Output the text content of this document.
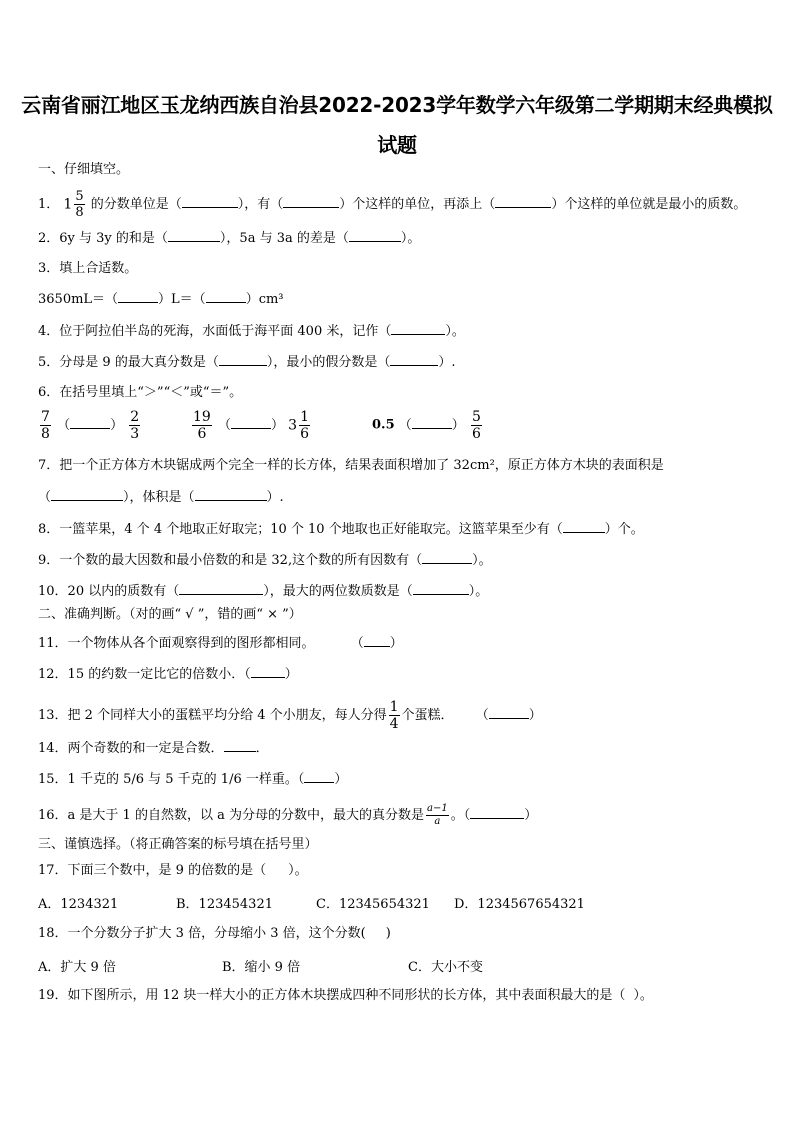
云南省丽江地区玉龙纳西族自治县2022-2023学年数学六年级第二学期期末经典模拟
试题
一、仔细填空。
1． $1 \frac{5}{8}$ 的分数单位是（	），有（	）个这样的单位，再添上（	）个这样的单位就是最小的质数。
2．6y 与 3y 的和是（	），5a 与 3a 的差是（	）。
3．填上合适数。
3650mL＝（	）L＝（	）cm³
4．位于阿拉伯半岛的死海，水面低于海平面 400 米，记作（	）。
5．分母是 9 的最大真分数是（	），最小的假分数是（	）.
6．在括号里填上“＞”“＜”或“＝”。
$\frac{7}{8}$ （	） $\frac{2}{3}$	$\frac{19}{6}$ （	） $3 \frac{1}{6}$	0.5 （	） $\frac{5}{6}$
7．把一个正方体方木块锯成两个完全一样的长方体，结果表面积增加了 32cm²，原正方体方木块的表面积是
（	），体积是（	）.
8．一篮苹果，4 个 4 个地取正好取完；10 个 10 个地取也正好能取完。这篮苹果至少有（	）个。
9．一个数的最大因数和最小倍数的和是 32,这个数的所有因数有（	）。
10．20 以内的质数有（	），最大的两位数质数是（	）。
二、准确判断。（对的画“ √ ”，错的画“ × ”）
11．一个物体从各个面观察得到的图形都相同。	（ ）
12．15 的约数一定比它的倍数小．（	）
13．把 2 个同样大小的蛋糕平均分给 4 个小朋友，每人分得 $\frac{1}{4}$ 个蛋糕． （	）
14．两个奇数的和一定是合数． ．
15．1 千克的 5/6 与 5 千克的 1/6 一样重。（ ）
16．a 是大于 1 的自然数，以 a 为分母的分数中，最大的真分数是 $\frac{a-1}{a}$ 。（	）
三、谨慎选择。（将正确答案的标号填在括号里）
17．下面三个数中，是 9 的倍数的是（ ）。
A．1234321	B．123454321	C．12345654321 D．1234567654321
18．一个分数分子扩大 3 倍，分母缩小 3 倍，这个分数( )
A．扩大 9 倍	B．缩小 9 倍	C．大小不变
19．如下图所示，用 12 块一样大小的正方体木块摆成四种不同形状的长方体，其中表面积最大的是（ ）。
